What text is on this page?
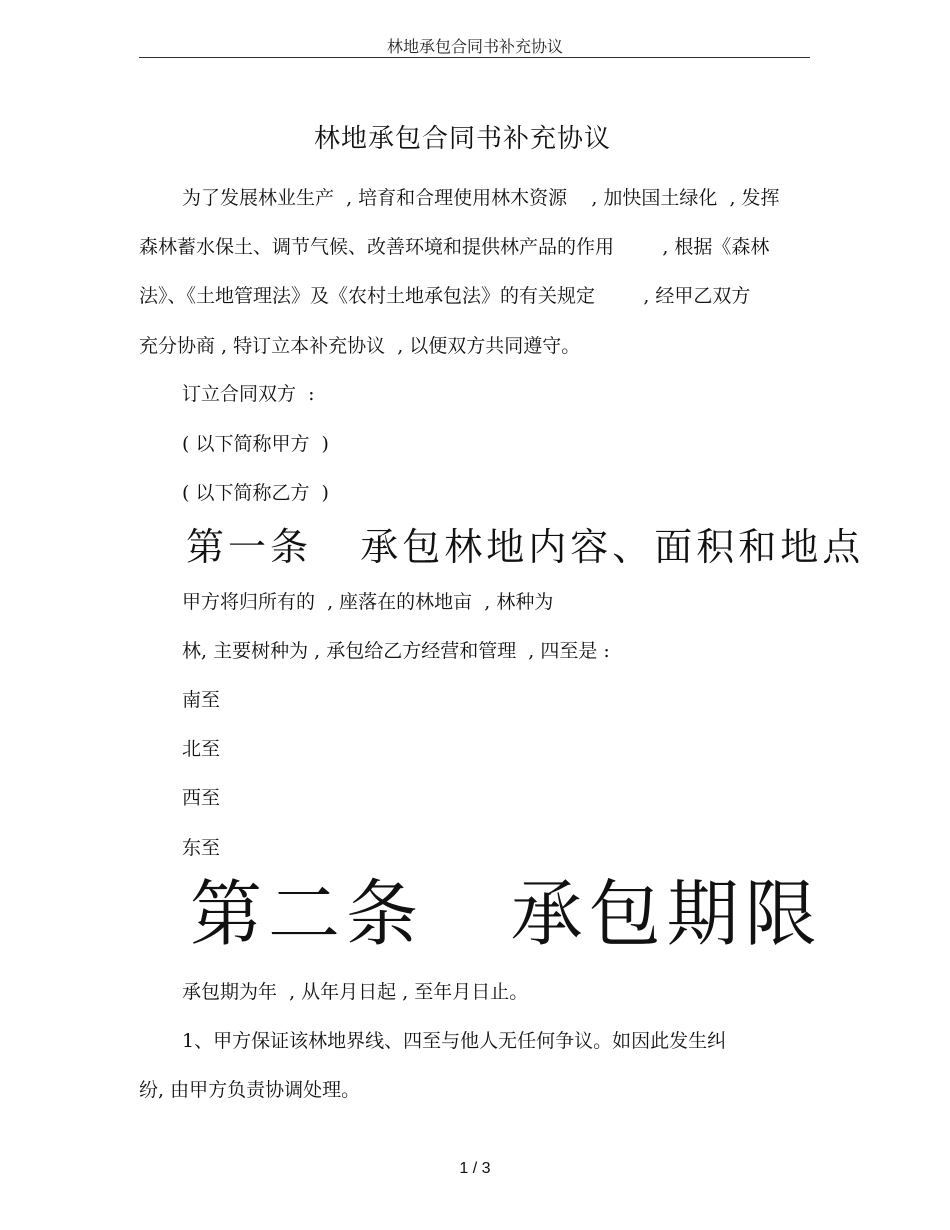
林地承包合同书补充协议
林地承包合同书补充协议
为了发展林业生产  , 培育和合理使用林木资源    , 加快国土绿化  , 发挥
森林蓄水保土、调节气候、改善环境和提供林产品的作用        , 根据《森林
法》、《土地管理法》及《农村土地承包法》的有关规定        , 经甲乙双方
充分协商 , 特订立本补充协议  , 以便双方共同遵守。
订立合同双方  :
( 以下简称甲方  )
( 以下简称乙方  )
第一条   承包林地内容、面积和地点
甲方将归所有的  , 座落在的林地亩  , 林种为
林, 主要树种为 , 承包给乙方经营和管理  , 四至是 :
南至
北至
西至
东至
第二条   承包期限
承包期为年  , 从年月日起 , 至年月日止。
1、甲方保证该林地界线、四至与他人无任何争议。如因此发生纠
纷, 由甲方负责协调处理。
1 / 3
